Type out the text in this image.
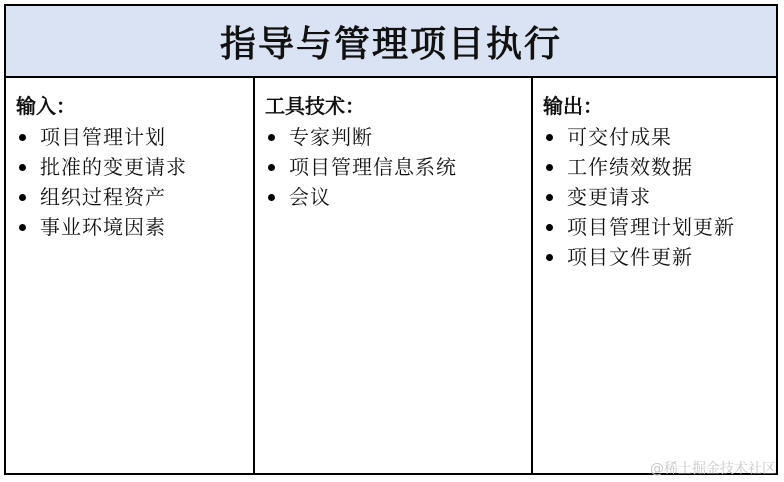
指导与管理项目执行
输入：
项目管理计划
批准的变更请求
组织过程资产
事业环境因素
工具技术：
专家判断
项目管理信息系统
会议
输出：
可交付成果
工作绩效数据
变更请求
项目管理计划更新
项目文件更新
@稀土掘金技术社区
